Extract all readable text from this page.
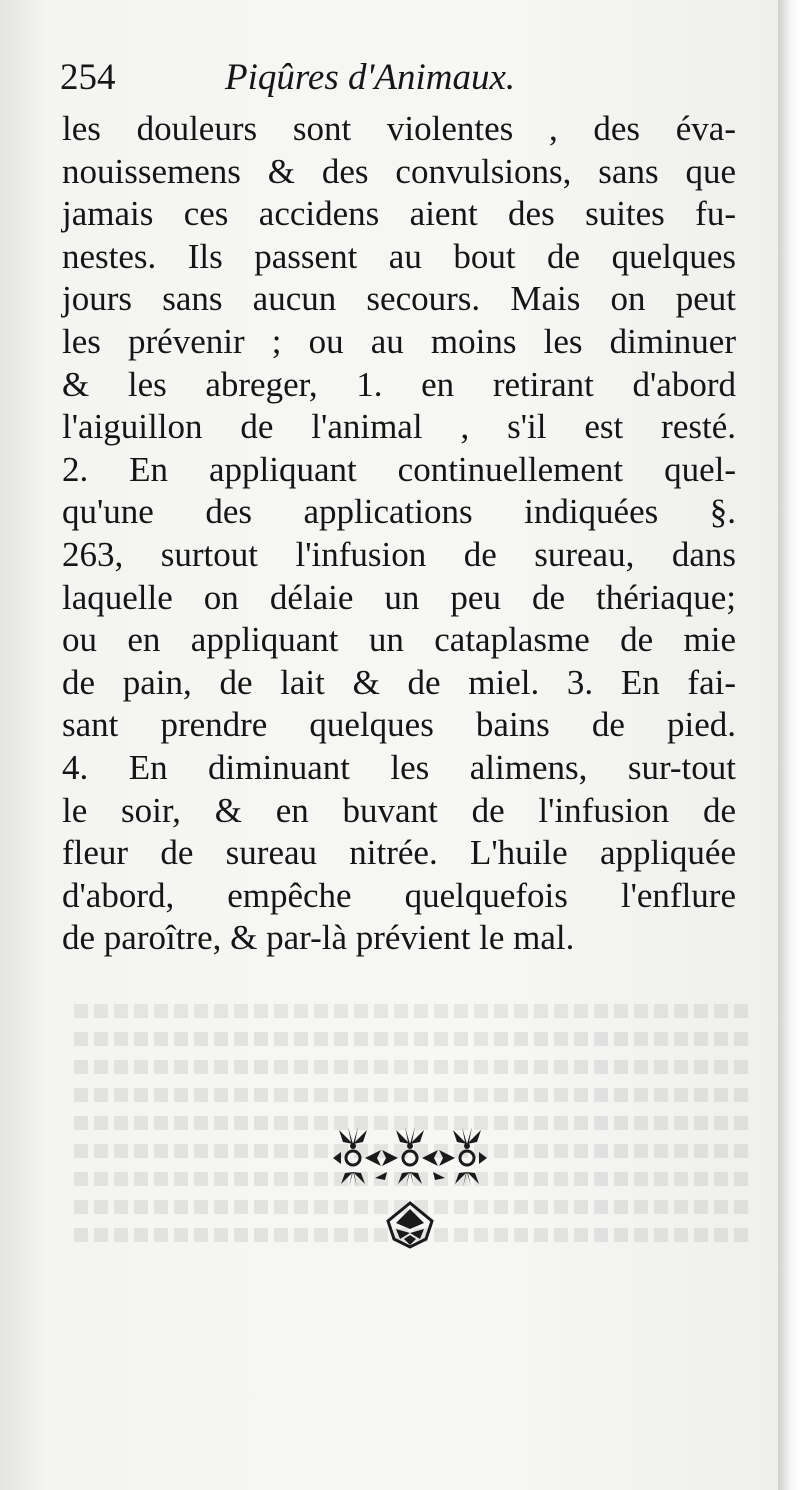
254	Piqûres d'Animaux.
les douleurs sont violentes , des éva-
nouissemens & des convulsions, sans que
jamais ces accidens aient des suites fu-
nestes. Ils passent au bout de quelques
jours sans aucun secours. Mais on peut
les prévenir ; ou au moins les diminuer
& les abreger, 1. en retirant d'abord
l'aiguillon de l'animal , s'il est resté.
2. En appliquant continuellement quel-
qu'une des applications indiquées §.
263, surtout l'infusion de sureau, dans
laquelle on délaie un peu de thériaque;
ou en appliquant un cataplasme de mie
de pain, de lait & de miel. 3. En fai-
sant prendre quelques bains de pied.
4. En diminuant les alimens, sur-tout
le soir, & en buvant de l'infusion de
fleur de sureau nitrée. L'huile appliquée
d'abord, empêche quelquefois l'enflure
de paroître, & par-là prévient le mal.
